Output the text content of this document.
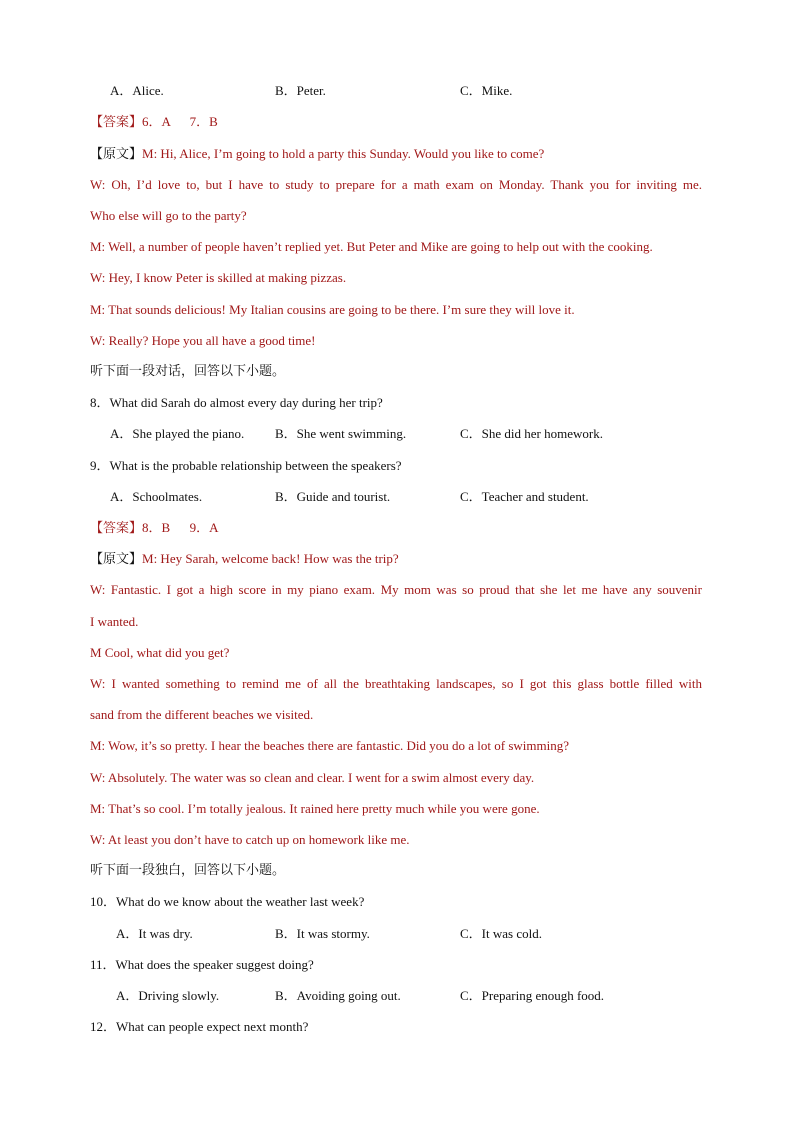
A．Alice.	B．Peter.	C．Mike.
【答案】6．A      7．B
【原文】M: Hi, Alice, I’m going to hold a party this Sunday. Would you like to come?
W: Oh, I’d love to, but I have to study to prepare for a math exam on Monday. Thank you for inviting me.
Who else will go to the party?
M: Well, a number of people haven’t replied yet. But Peter and Mike are going to help out with the cooking.
W: Hey, I know Peter is skilled at making pizzas.
M: That sounds delicious! My Italian cousins are going to be there. I’m sure they will love it.
W: Really? Hope you all have a good time!
听下面一段对话，回答以下小题。
8．What did Sarah do almost every day during her trip?
A．She played the piano. B．She went swimming.	C．She did her homework.
9．What is the probable relationship between the speakers?
A．Schoolmates.	B．Guide and tourist.	C．Teacher and student.
【答案】8．B      9．A
【原文】M: Hey Sarah, welcome back! How was the trip?
W: Fantastic. I got a high score in my piano exam. My mom was so proud that she let me have any souvenir
I wanted.
M Cool, what did you get?
W: I wanted something to remind me of all the breathtaking landscapes, so I got this glass bottle filled with
sand from the different beaches we visited.
M: Wow, it’s so pretty. I hear the beaches there are fantastic. Did you do a lot of swimming?
W: Absolutely. The water was so clean and clear. I went for a swim almost every day.
M: That’s so cool. I’m totally jealous. It rained here pretty much while you were gone.
W: At least you don’t have to catch up on homework like me.
听下面一段独白，回答以下小题。
10．What do we know about the weather last week?
A．It was dry.	B．It was stormy.	C．It was cold.
11．What does the speaker suggest doing?
A．Driving slowly.	B．Avoiding going out.	C．Preparing enough food.
12．What can people expect next month?
